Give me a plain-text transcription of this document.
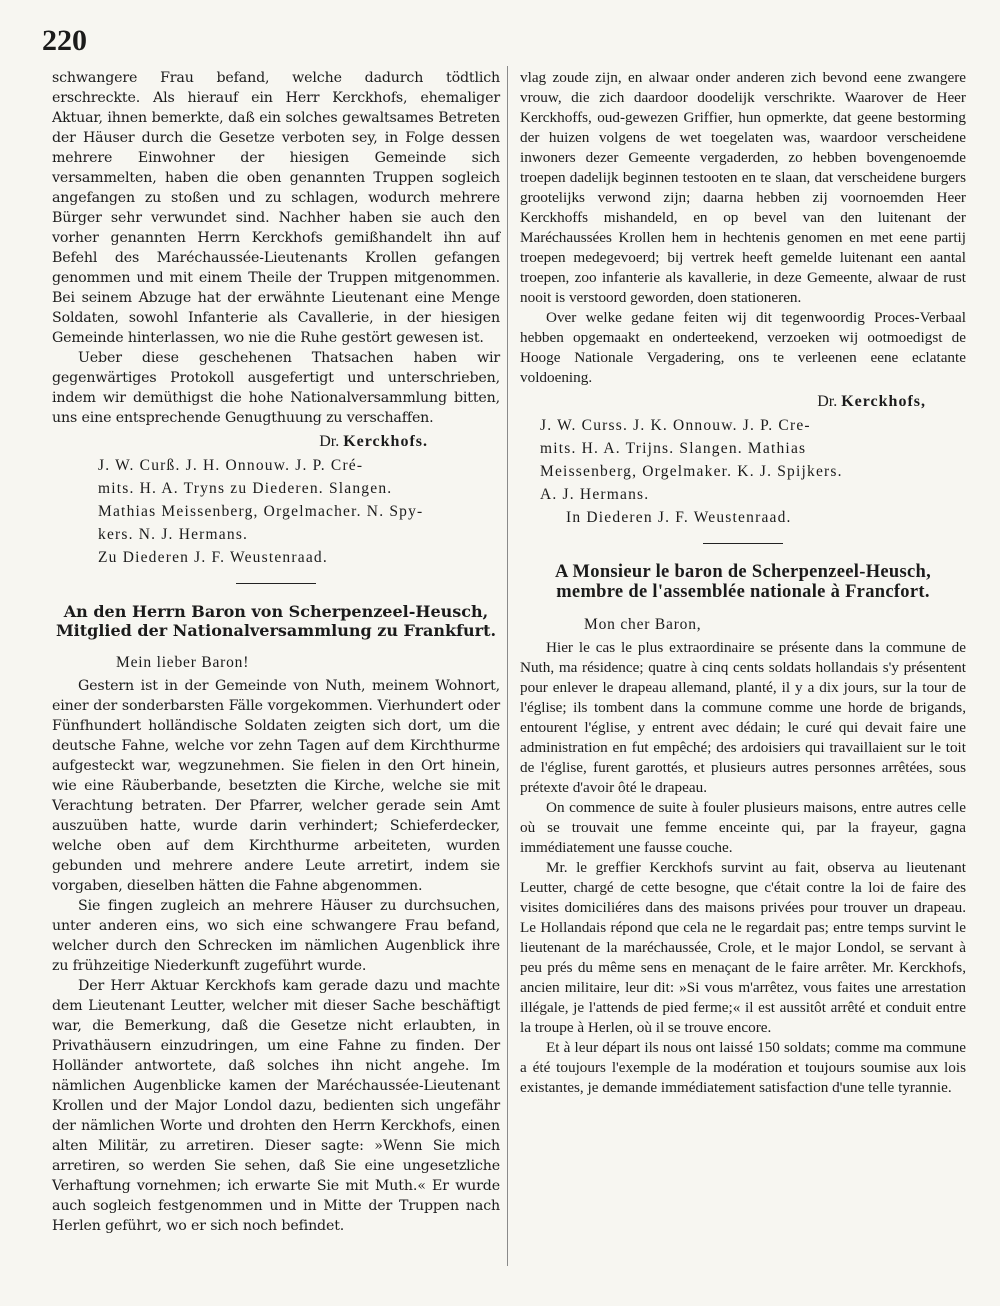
220

schwangere Frau befand, welche dadurch tödtlich erschreckte. Als hierauf ein Herr Kerckhofs, ehemaliger Aktuar, ihnen bemerkte, daß ein solches gewaltsames Betreten der Häuser durch die Gesetze verboten sey, in Folge dessen mehrere Einwohner der hiesigen Gemeinde sich versammelten, haben die oben genannten Truppen sogleich angefangen zu stoßen und zu schlagen, wodurch mehrere Bürger sehr verwundet sind. Nachher haben sie auch den vorher genannten Herrn Kerckhofs gemißhandelt ihn auf Befehl des Maréchaussée-Lieutenants Krollen gefangen genommen und mit einem Theile der Truppen mitgenommen. Bei seinem Abzuge hat der erwähnte Lieutenant eine Menge Soldaten, sowohl Infanterie als Cavallerie, in der hiesigen Gemeinde hinterlassen, wo nie die Ruhe gestört gewesen ist.

Ueber diese geschehenen Thatsachen haben wir gegenwärtiges Protokoll ausgefertigt und unterschrieben, indem wir demüthigst die hohe Nationalversammlung bitten, uns eine entsprechende Genugthuung zu verschaffen.

Dr. Kerckhofs.

J. W. Curß. J. H. Onnouw. J. P. Cré-

mits. H. A. Tryns zu Diederen. Slangen.

Mathias Meissenberg, Orgelmacher. N. Spy-

kers. N. J. Hermans.

Zu Diederen J. F. Weustenraad.

An den Herrn Baron von Scherpenzeel-Heusch, Mitglied der Nationalversammlung zu Frankfurt.

Mein lieber Baron!

Gestern ist in der Gemeinde von Nuth, meinem Wohnort, einer der sonderbarsten Fälle vorgekommen. Vierhundert oder Fünfhundert holländische Soldaten zeigten sich dort, um die deutsche Fahne, welche vor zehn Tagen auf dem Kirchthurme aufgesteckt war, wegzunehmen. Sie fielen in den Ort hinein, wie eine Räuberbande, besetzten die Kirche, welche sie mit Verachtung betraten. Der Pfarrer, welcher gerade sein Amt auszuüben hatte, wurde darin verhindert; Schieferdecker, welche oben auf dem Kirchthurme arbeiteten, wurden gebunden und mehrere andere Leute arretirt, indem sie vorgaben, dieselben hätten die Fahne abgenommen.

Sie fingen zugleich an mehrere Häuser zu durchsuchen, unter anderen eins, wo sich eine schwangere Frau befand, welcher durch den Schrecken im nämlichen Augenblick ihre zu frühzeitige Niederkunft zugeführt wurde.

Der Herr Aktuar Kerckhofs kam gerade dazu und machte dem Lieutenant Leutter, welcher mit dieser Sache beschäftigt war, die Bemerkung, daß die Gesetze nicht erlaubten, in Privathäusern einzudringen, um eine Fahne zu finden. Der Holländer antwortete, daß solches ihn nicht angehe. Im nämlichen Augenblicke kamen der Maréchaussée-Lieutenant Krollen und der Major Londol dazu, bedienten sich ungefähr der nämlichen Worte und drohten den Herrn Kerckhofs, einen alten Militär, zu arretiren. Dieser sagte: »Wenn Sie mich arretiren, so werden Sie sehen, daß Sie eine ungesetzliche Verhaftung vornehmen; ich erwarte Sie mit Muth.« Er wurde auch sogleich festgenommen und in Mitte der Truppen nach Herlen geführt, wo er sich noch befindet.

vlag zoude zijn, en alwaar onder anderen zich bevond eene zwangere vrouw, die zich daardoor doodelijk verschrikte. Waarover de Heer Kerckhoffs, oud-gewezen Griffier, hun opmerkte, dat geene bestorming der huizen volgens de wet toegelaten was, waardoor verscheidene inwoners dezer Gemeente vergaderden, zo hebben bovengenoemde troepen dadelijk beginnen testooten en te slaan, dat verscheidene burgers grootelijks verwond zijn; daarna hebben zij voornoemden Heer Kerckhoffs mishandeld, en op bevel van den luitenant der Maréchaussées Krollen hem in hechtenis genomen en met eene partij troepen medegevoerd; bij vertrek heeft gemelde luitenant een aantal troepen, zoo infanterie als kavallerie, in deze Gemeente, alwaar de rust nooit is verstoord geworden, doen stationeren.

Over welke gedane feiten wij dit tegenwoordig Proces-Verbaal hebben opgemaakt en onderteekend, verzoeken wij ootmoedigst de Hooge Nationale Vergadering, ons te verleenen eene eclatante voldoening.

Dr. Kerckhofs,

J. W. Curss. J. K. Onnouw. J. P. Cre-

mits. H. A. Trijns. Slangen. Mathias

Meissenberg, Orgelmaker. K. J. Spijkers.

A. J. Hermans.

In Diederen J. F. Weustenraad.

A Monsieur le baron de Scherpenzeel-Heusch, membre de l'assemblée nationale à Francfort.

Mon cher Baron,

Hier le cas le plus extraordinaire se présente dans la commune de Nuth, ma résidence; quatre à cinq cents soldats hollandais s'y présentent pour enlever le drapeau allemand, planté, il y a dix jours, sur la tour de l'église; ils tombent dans la commune comme une horde de brigands, entourent l'église, y entrent avec dédain; le curé qui devait faire une administration en fut empêché; des ardoisiers qui travaillaient sur le toit de l'église, furent garottés, et plusieurs autres personnes arrêtées, sous prétexte d'avoir ôté le drapeau.

On commence de suite à fouler plusieurs maisons, entre autres celle où se trouvait une femme enceinte qui, par la frayeur, gagna immédiatement une fausse couche.

Mr. le greffier Kerckhofs survint au fait, observa au lieutenant Leutter, chargé de cette besogne, que c'était contre la loi de faire des visites domiciliéres dans des maisons privées pour trouver un drapeau. Le Hollandais répond que cela ne le regardait pas; entre temps survint le lieutenant de la maréchaussée, Crole, et le major Londol, se servant à peu prés du même sens en menaçant de le faire arrêter. Mr. Kerckhofs, ancien militaire, leur dit: »Si vous m'arrêtez, vous faites une arrestation illégale, je l'attends de pied ferme;« il est aussitôt arrêté et conduit entre la troupe à Herlen, où il se trouve encore.

Et à leur départ ils nous ont laissé 150 soldats; comme ma commune a été toujours l'exemple de la modération et toujours soumise aux lois existantes, je demande immédiatement satisfaction d'une telle tyrannie.
